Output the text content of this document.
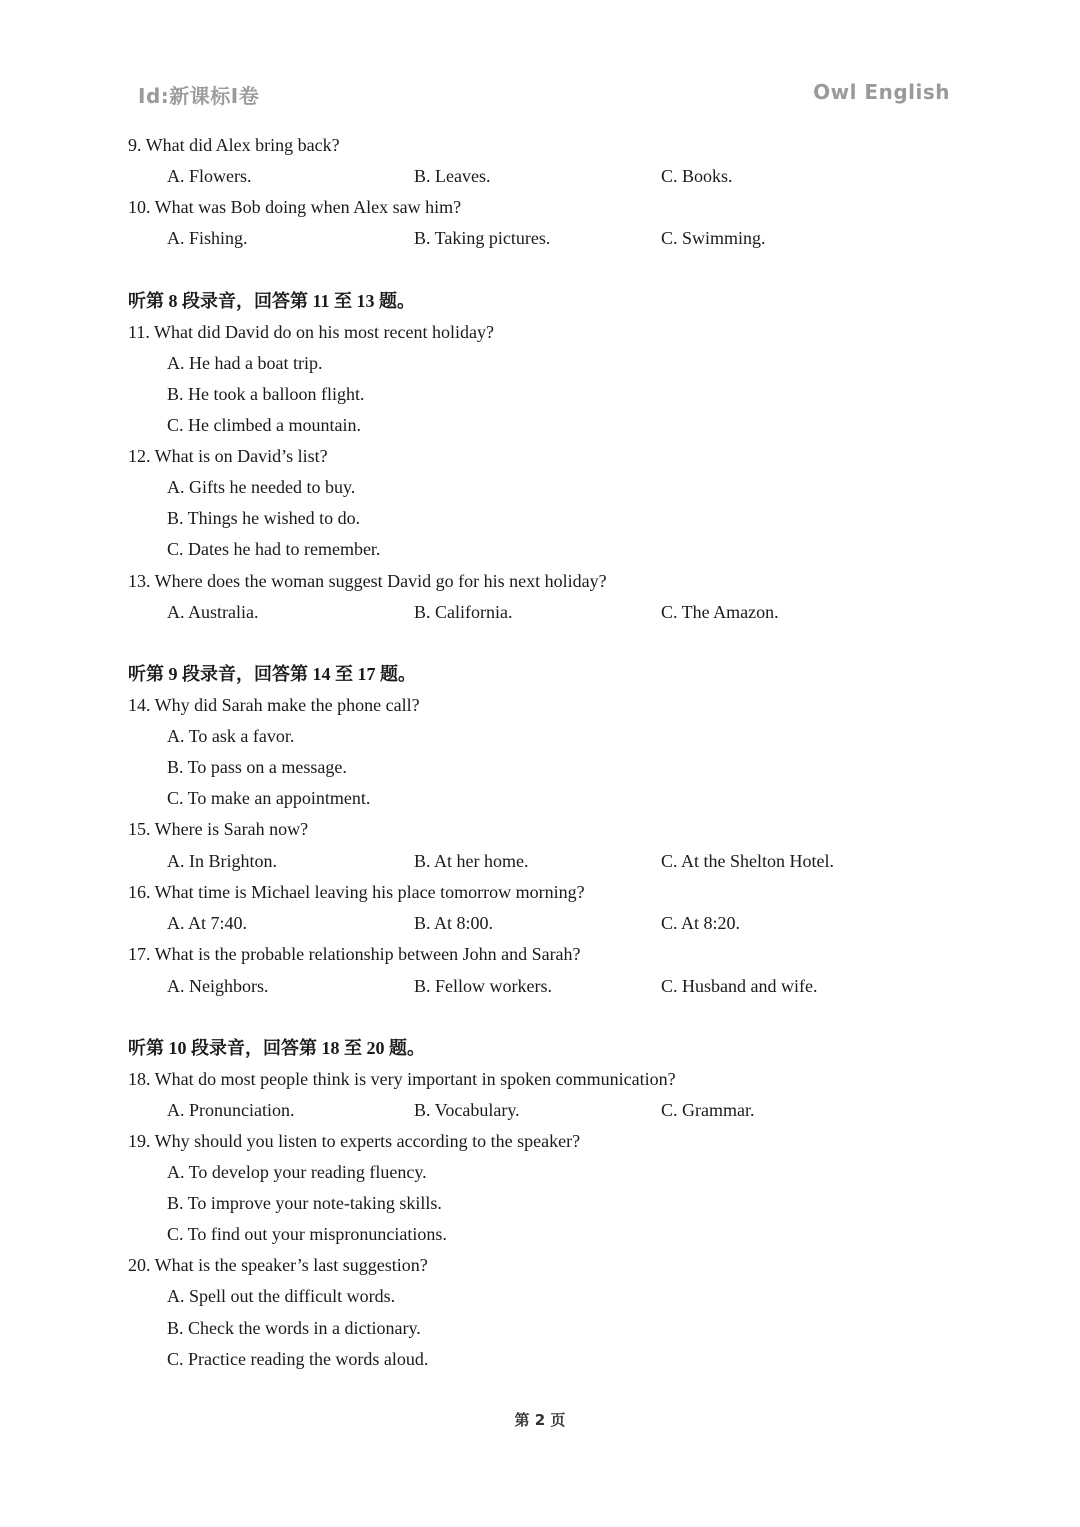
Id:新课标I卷	Owl English
9. What did Alex bring back?
A. Flowers.	B. Leaves.	C. Books.
10. What was Bob doing when Alex saw him?
A. Fishing.	B. Taking pictures.	C. Swimming.
听第 8 段录音，回答第 11 至 13 题。
11. What did David do on his most recent holiday?
A. He had a boat trip.
B. He took a balloon flight.
C. He climbed a mountain.
12. What is on David’s list?
A. Gifts he needed to buy.
B. Things he wished to do.
C. Dates he had to remember.
13. Where does the woman suggest David go for his next holiday?
A. Australia.	B. California.	C. The Amazon.
听第 9 段录音，回答第 14 至 17 题。
14. Why did Sarah make the phone call?
A. To ask a favor.
B. To pass on a message.
C. To make an appointment.
15. Where is Sarah now?
A. In Brighton.	B. At her home.	C. At the Shelton Hotel.
16. What time is Michael leaving his place tomorrow morning?
A. At 7:40.	B. At 8:00.	C. At 8:20.
17. What is the probable relationship between John and Sarah?
A. Neighbors.	B. Fellow workers.	C. Husband and wife.
听第 10 段录音，回答第 18 至 20 题。
18. What do most people think is very important in spoken communication?
A. Pronunciation.	B. Vocabulary.	C. Grammar.
19. Why should you listen to experts according to the speaker?
A. To develop your reading fluency.
B. To improve your note-taking skills.
C. To find out your mispronunciations.
20. What is the speaker’s last suggestion?
A. Spell out the difficult words.
B. Check the words in a dictionary.
C. Practice reading the words aloud.
第 2 页
